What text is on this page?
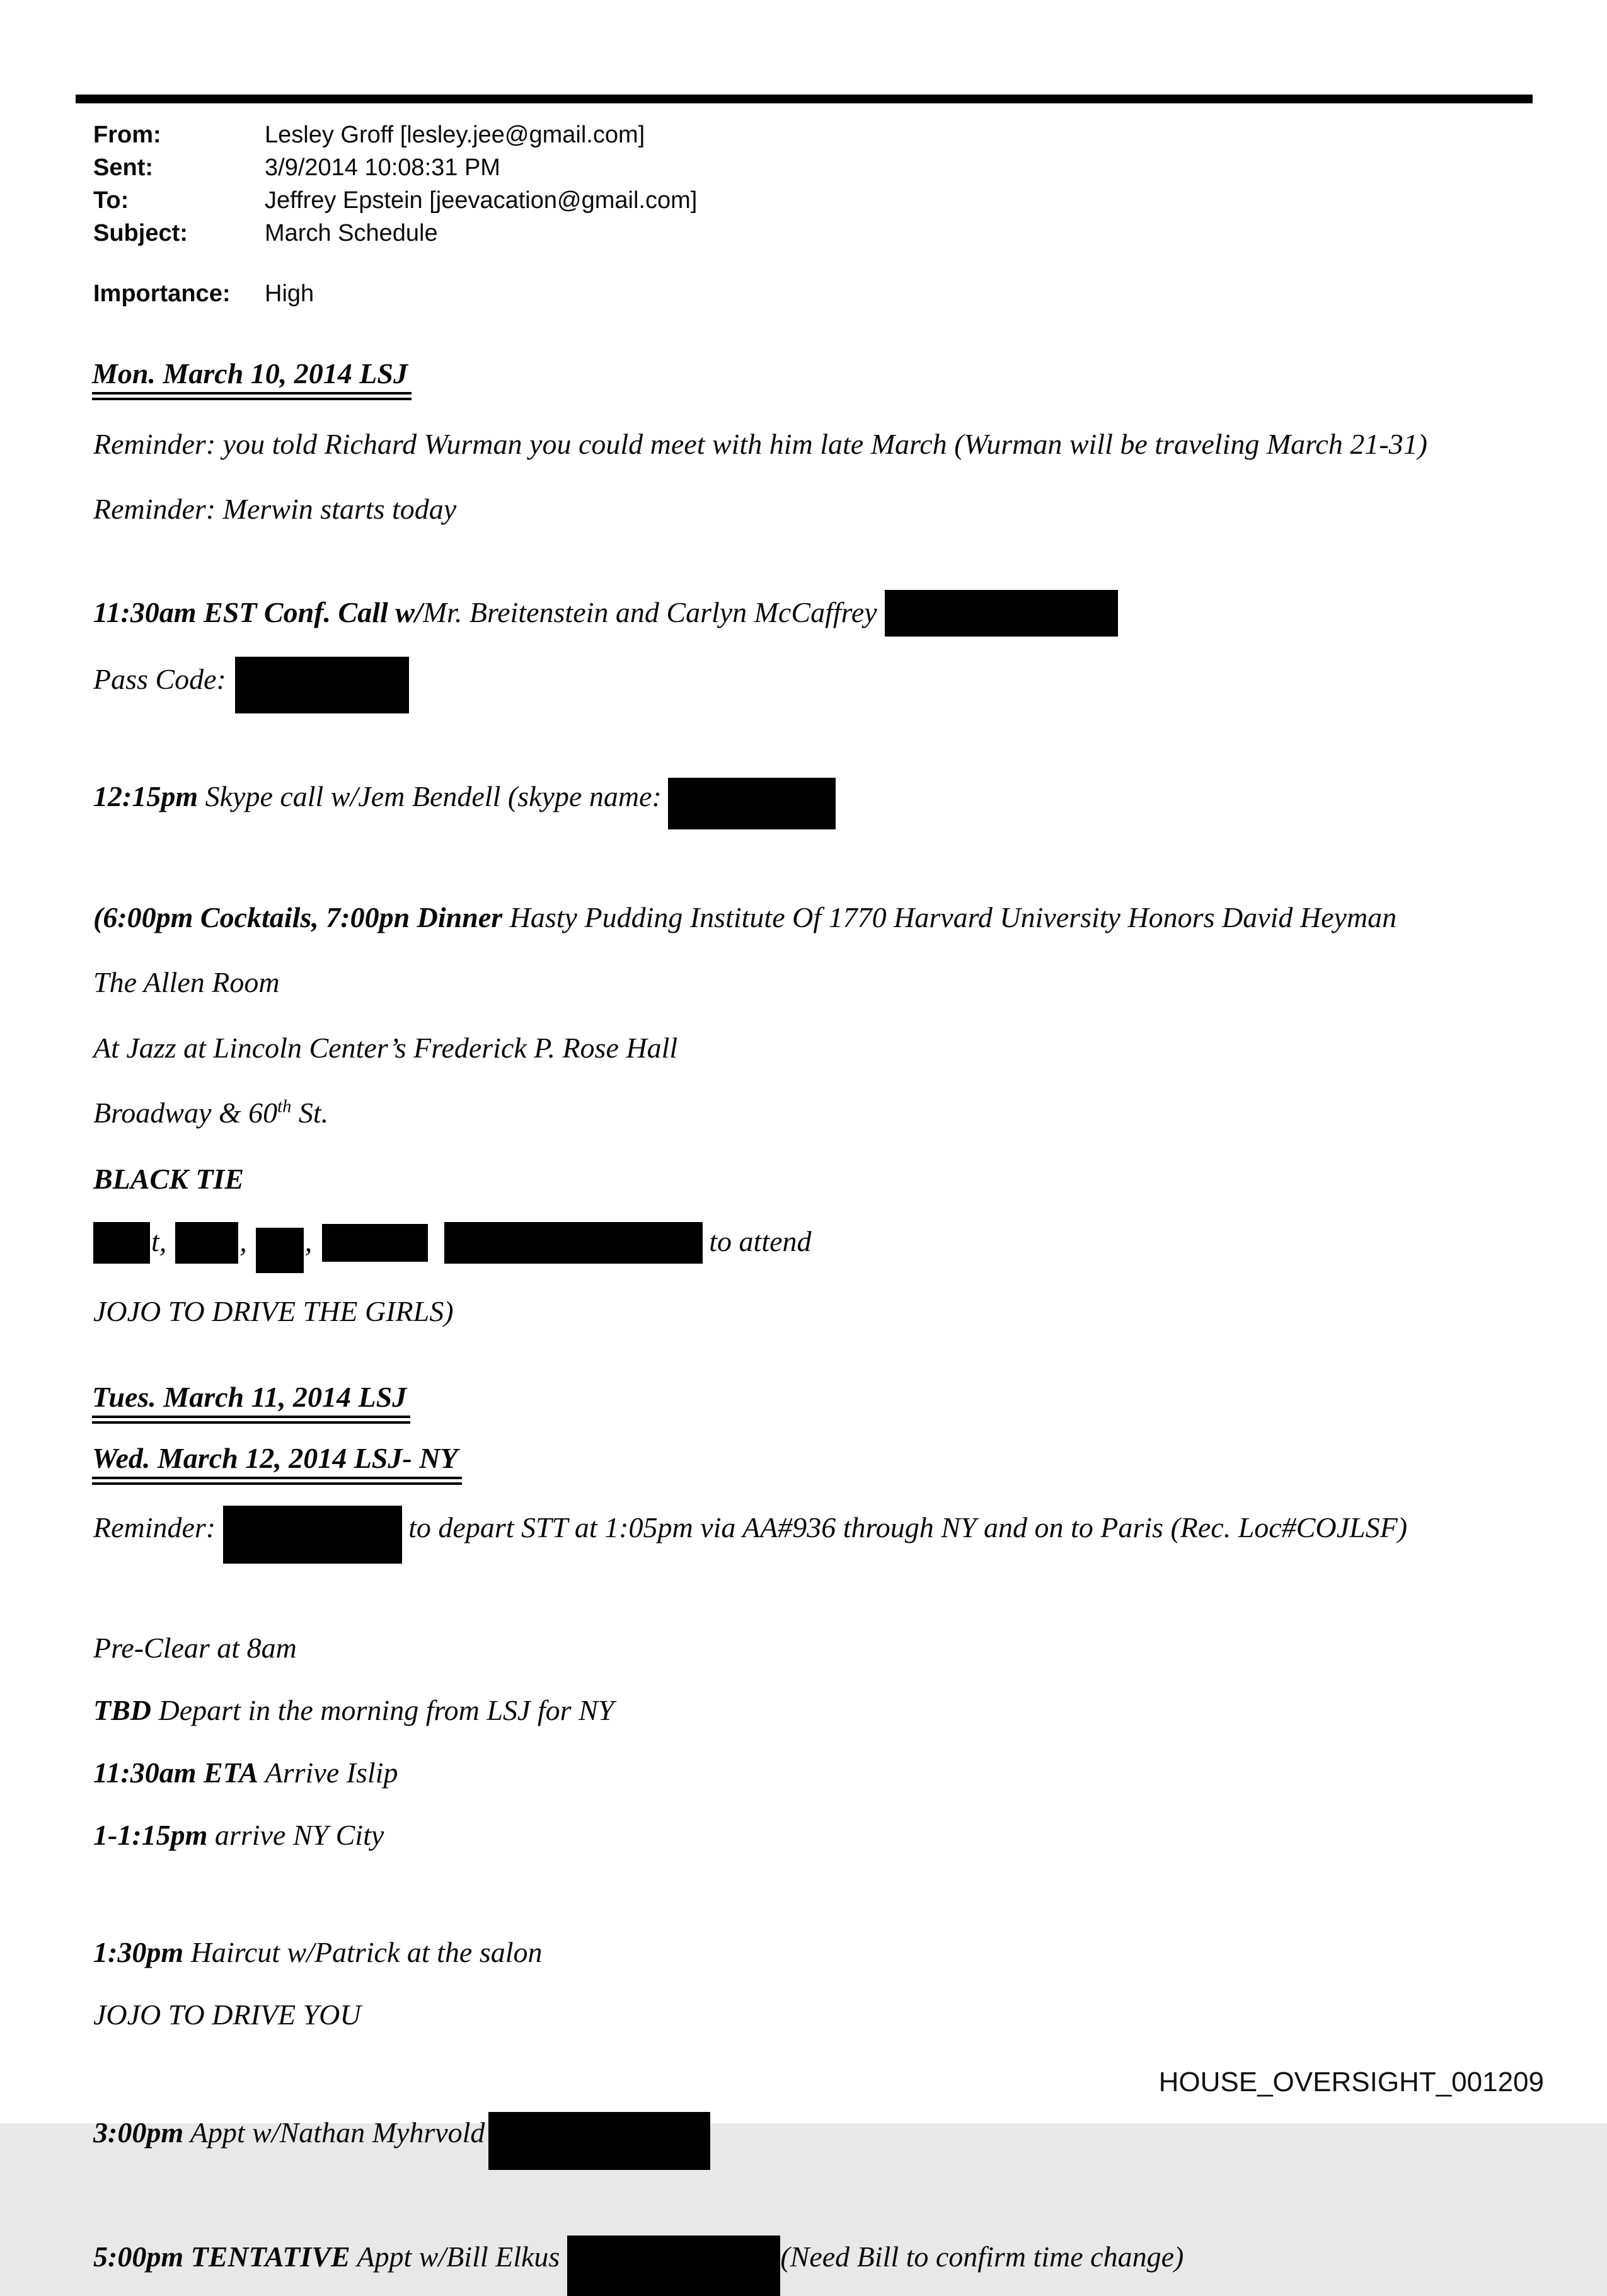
From:	Lesley Groff [lesley.jee@gmail.com]
Sent:	3/9/2014 10:08:31 PM
To:	Jeffrey Epstein [jeevacation@gmail.com]
Subject:	March Schedule
Importance: High
Mon. March 10, 2014 LSJ
Reminder: you told Richard Wurman you could meet with him late March (Wurman will be traveling March 21-31)
Reminder: Merwin starts today
11:30am EST Conf. Call w/Mr. Breitenstein and Carlyn McCaffrey
Pass Code:
12:15pm Skype call w/Jem Bendell (skype name:
(6:00pm Cocktails, 7:00pn Dinner Hasty Pudding Institute Of 1770 Harvard University Honors David Heyman
The Allen Room
At Jazz at Lincoln Center’s Frederick P. Rose Hall
Broadway & 60th St.
BLACK TIE
t,	, ,	to attend
JOJO TO DRIVE THE GIRLS)
Tues. March 11, 2014 LSJ
Wed. March 12, 2014 LSJ- NY
Reminder:	to depart STT at 1:05pm via AA#936 through NY and on to Paris (Rec. Loc#COJLSF)
Pre-Clear at 8am
TBD Depart in the morning from LSJ for NY
11:30am ETA Arrive Islip
1-1:15pm arrive NY City
1:30pm Haircut w/Patrick at the salon
JOJO TO DRIVE YOU
3:00pm Appt w/Nathan Myhrvold
5:00pm TENTATIVE Appt w/Bill Elkus	(Need Bill to confirm time change)
HOUSE_OVERSIGHT_001209
